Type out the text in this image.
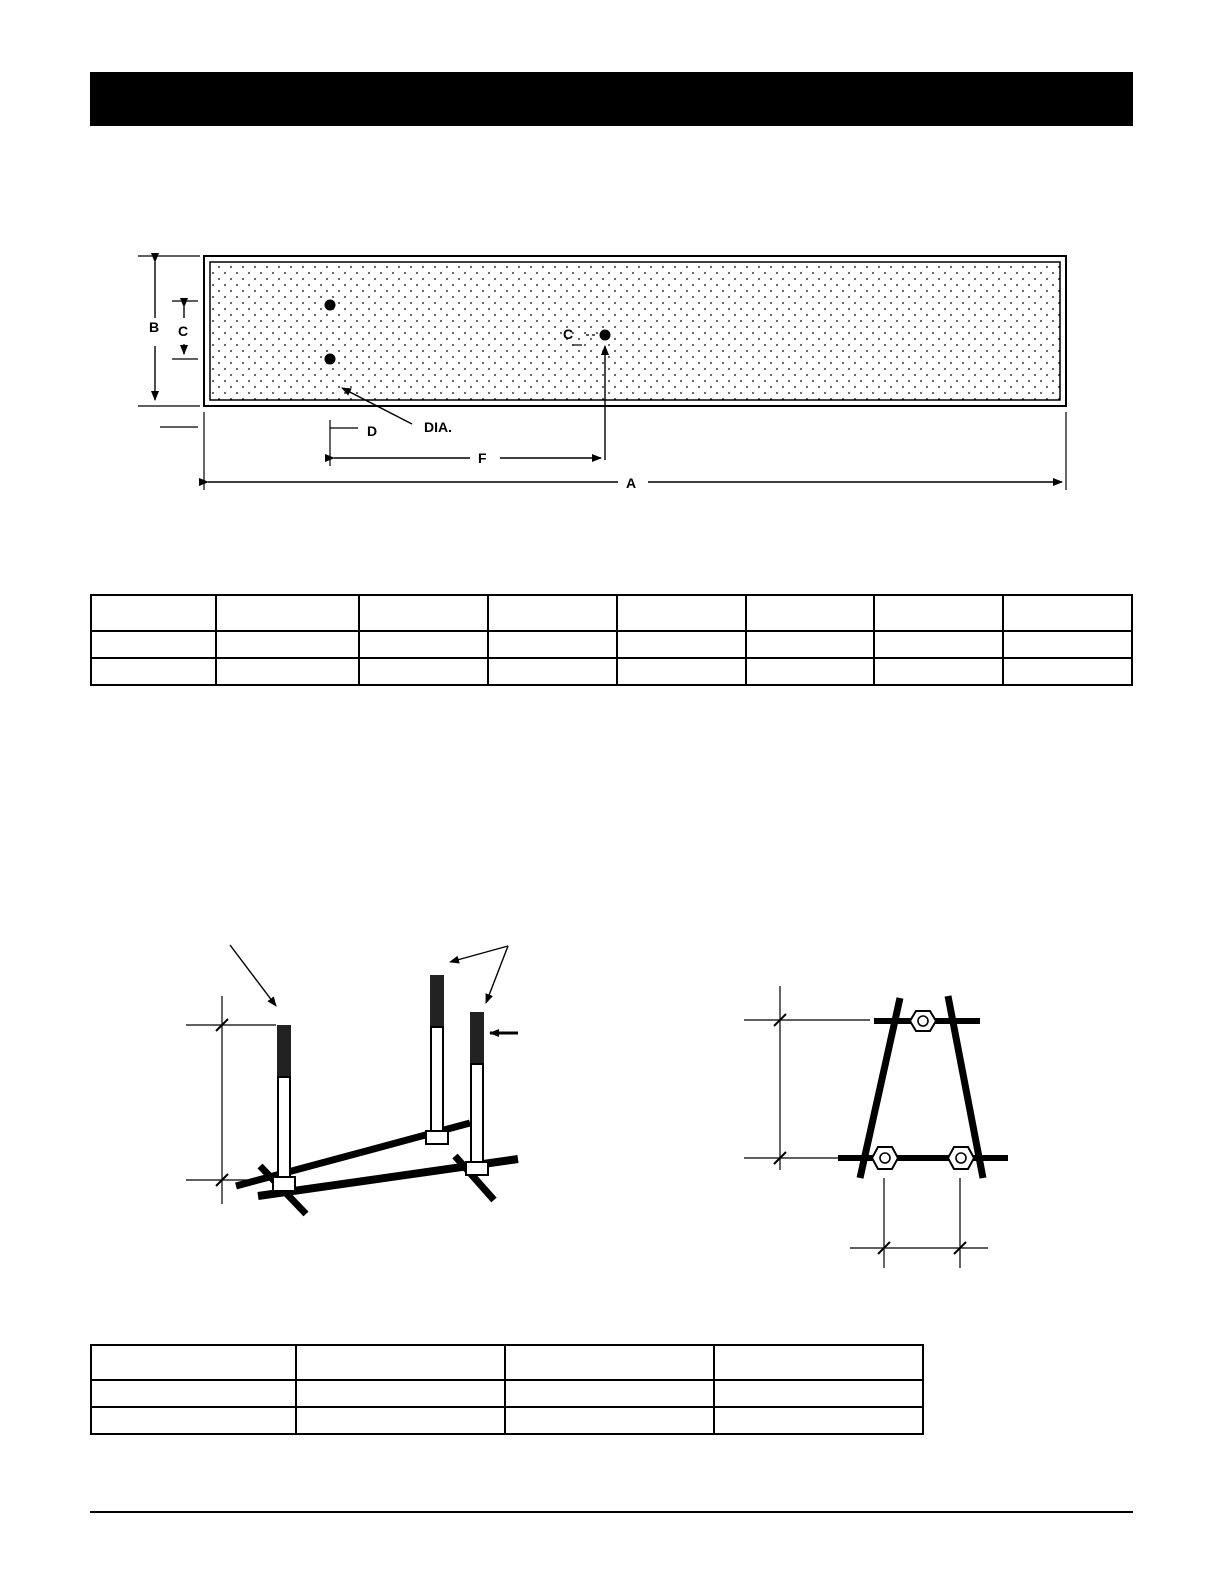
B C
D	DIA.
C
F
A
